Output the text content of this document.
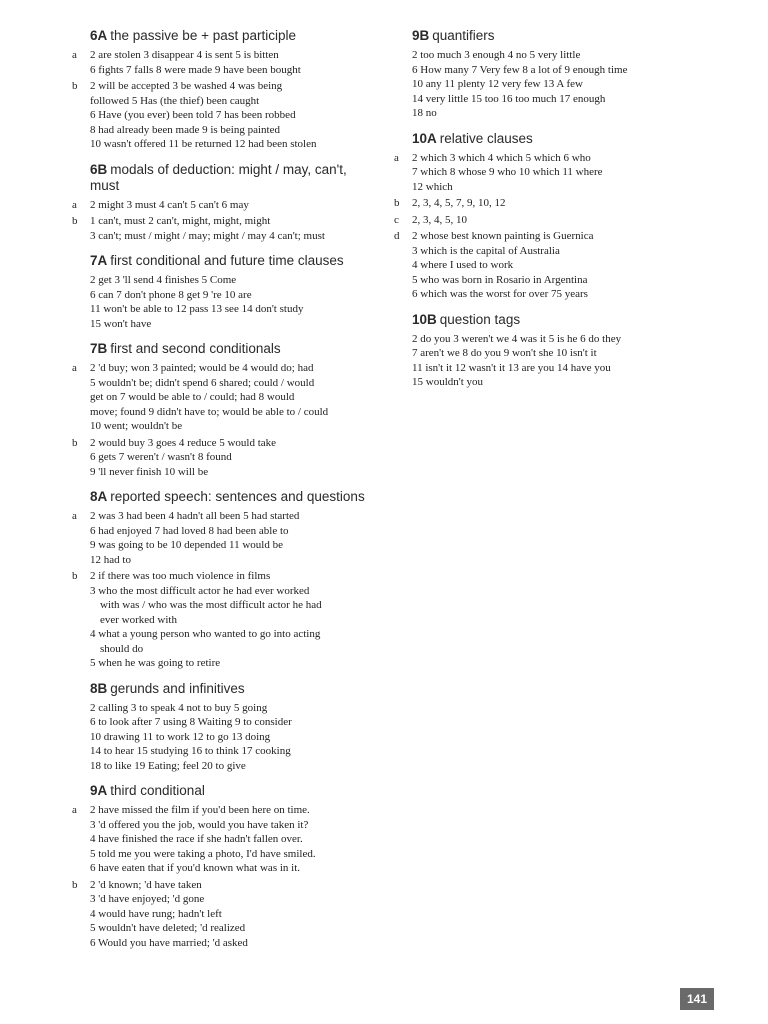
6A the passive be + past participle
a	2 are stolen 3 disappear 4 is sent 5 is bitten
6 fights 7 falls 8 were made 9 have been bought
b	2 will be accepted 3 be washed 4 was being
followed 5 Has (the thief) been caught
6 Have (you ever) been told 7 has been robbed
8 had already been made 9 is being painted
10 wasn't offered 11 be returned 12 had been stolen
6B modals of deduction: might / may, can't, must
a	2 might 3 must 4 can't 5 can't 6 may
b	1 can't, must 2 can't, might, might, might
3 can't; must / might / may; might / may 4 can't; must
7A first conditional and future time clauses
2 get 3 'll send 4 finishes 5 Come
6 can 7 don't phone 8 get 9 're 10 are
11 won't be able to 12 pass 13 see 14 don't study
15 won't have
7B first and second conditionals
a	2 'd buy; won 3 painted; would be 4 would do; had
5 wouldn't be; didn't spend 6 shared; could / would
get on 7 would be able to / could; had 8 would
move; found 9 didn't have to; would be able to / could
10 went; wouldn't be
b	2 would buy 3 goes 4 reduce 5 would take
6 gets 7 weren't / wasn't 8 found
9 'll never finish 10 will be
8A reported speech: sentences and questions
a	2 was 3 had been 4 hadn't all been 5 had started
6 had enjoyed 7 had loved 8 had been able to
9 was going to be 10 depended 11 would be
12 had to
b	2 if there was too much violence in films
3 who the most difficult actor he had ever worked
with was / who was the most difficult actor he had
ever worked with
4 what a young person who wanted to go into acting
should do
5 when he was going to retire
8B gerunds and infinitives
2 calling 3 to speak 4 not to buy 5 going
6 to look after 7 using 8 Waiting 9 to consider
10 drawing 11 to work 12 to go 13 doing
14 to hear 15 studying 16 to think 17 cooking
18 to like 19 Eating; feel 20 to give
9A third conditional
a	2 have missed the film if you'd been here on time.
3 'd offered you the job, would you have taken it?
4 have finished the race if she hadn't fallen over.
5 told me you were taking a photo, I'd have smiled.
6 have eaten that if you'd known what was in it.
b	2 'd known; 'd have taken
3 'd have enjoyed; 'd gone
4 would have rung; hadn't left
5 wouldn't have deleted; 'd realized
6 Would you have married; 'd asked
9B quantifiers
2 too much 3 enough 4 no 5 very little
6 How many 7 Very few 8 a lot of 9 enough time
10 any 11 plenty 12 very few 13 A few
14 very little 15 too 16 too much 17 enough
18 no
10A relative clauses
a	2 which 3 which 4 which 5 which 6 who
7 which 8 whose 9 who 10 which 11 where
12 which
b	2, 3, 4, 5, 7, 9, 10, 12
c	2, 3, 4, 5, 10
d	2 whose best known painting is Guernica
3 which is the capital of Australia
4 where I used to work
5 who was born in Rosario in Argentina
6 which was the worst for over 75 years
10B question tags
2 do you 3 weren't we 4 was it 5 is he 6 do they
7 aren't we 8 do you 9 won't she 10 isn't it
11 isn't it 12 wasn't it 13 are you 14 have you
15 wouldn't you
141
